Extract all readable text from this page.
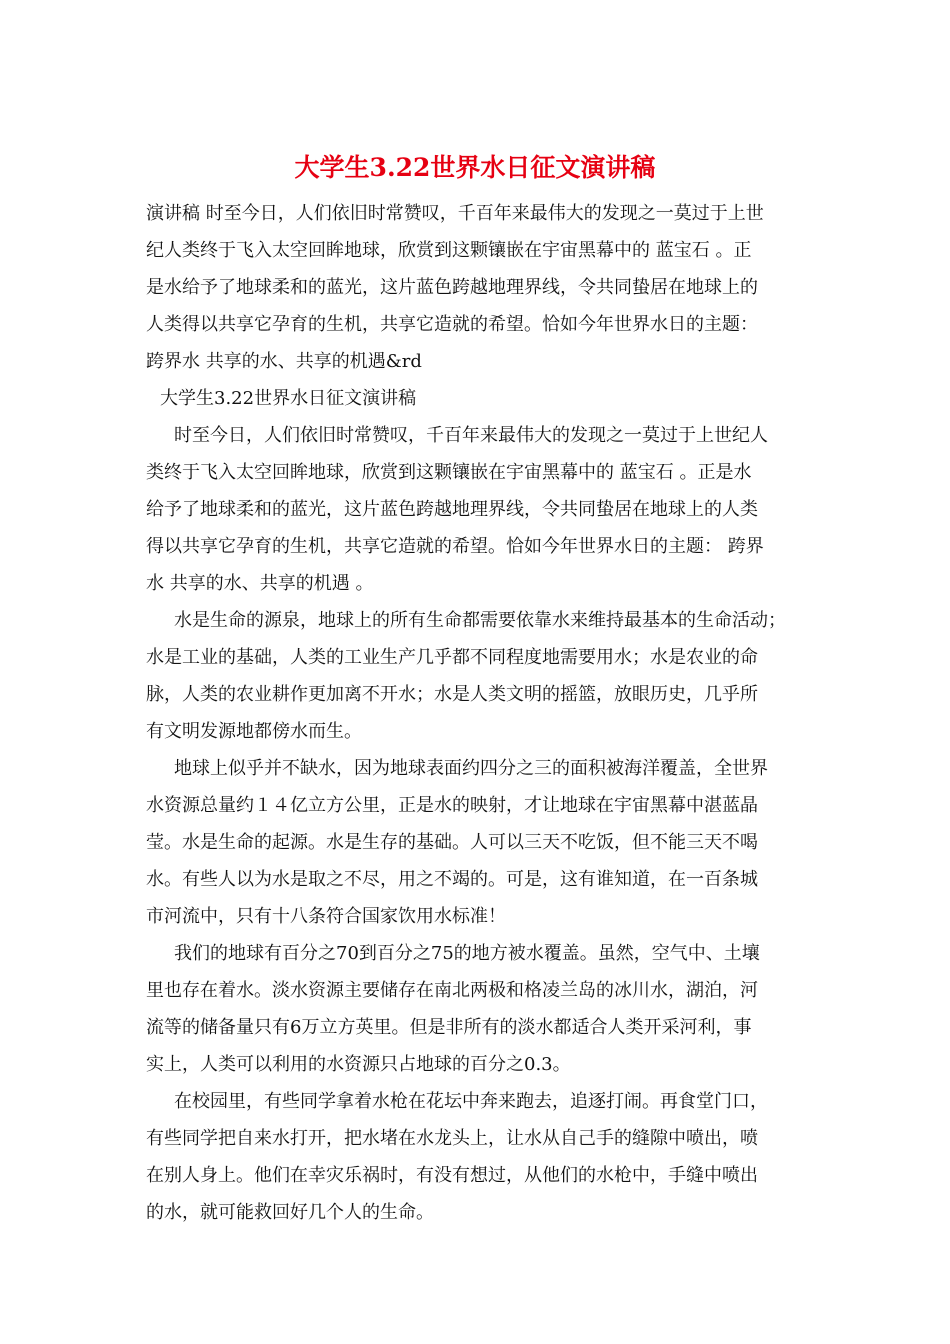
大学生3.22世界水日征文演讲稿

演讲稿 时至今日，人们依旧时常赞叹，千百年来最伟大的发现之一莫过于上世

纪人类终于飞入太空回眸地球，欣赏到这颗镶嵌在宇宙黑幕中的 蓝宝石 。正

是水给予了地球柔和的蓝光，这片蓝色跨越地理界线，令共同蛰居在地球上的

人类得以共享它孕育的生机，共享它造就的希望。恰如今年世界水日的主题：

跨界水 共享的水、共享的机遇&rd

大学生3.22世界水日征文演讲稿

时至今日，人们依旧时常赞叹，千百年来最伟大的发现之一莫过于上世纪人

类终于飞入太空回眸地球，欣赏到这颗镶嵌在宇宙黑幕中的 蓝宝石 。正是水

给予了地球柔和的蓝光，这片蓝色跨越地理界线，令共同蛰居在地球上的人类

得以共享它孕育的生机，共享它造就的希望。恰如今年世界水日的主题： 跨界

水 共享的水、共享的机遇 。

水是生命的源泉，地球上的所有生命都需要依靠水来维持最基本的生命活动；

水是工业的基础，人类的工业生产几乎都不同程度地需要用水；水是农业的命

脉，人类的农业耕作更加离不开水；水是人类文明的摇篮，放眼历史，几乎所

有文明发源地都傍水而生。

地球上似乎并不缺水，因为地球表面约四分之三的面积被海洋覆盖，全世界

水资源总量约１４亿立方公里，正是水的映射，才让地球在宇宙黑幕中湛蓝晶

莹。水是生命的起源。水是生存的基础。人可以三天不吃饭，但不能三天不喝

水。有些人以为水是取之不尽，用之不竭的。可是，这有谁知道，在一百条城

市河流中，只有十八条符合国家饮用水标准！

我们的地球有百分之70到百分之75的地方被水覆盖。虽然，空气中、土壤

里也存在着水。淡水资源主要储存在南北两极和格凌兰岛的冰川水，湖泊，河

流等的储备量只有6万立方英里。但是非所有的淡水都适合人类开采河利，事

实上，人类可以利用的水资源只占地球的百分之0.3。

在校园里，有些同学拿着水枪在花坛中奔来跑去，追逐打闹。再食堂门口，

有些同学把自来水打开，把水堵在水龙头上，让水从自己手的缝隙中喷出，喷

在别人身上。他们在幸灾乐祸时，有没有想过，从他们的水枪中，手缝中喷出

的水，就可能救回好几个人的生命。
